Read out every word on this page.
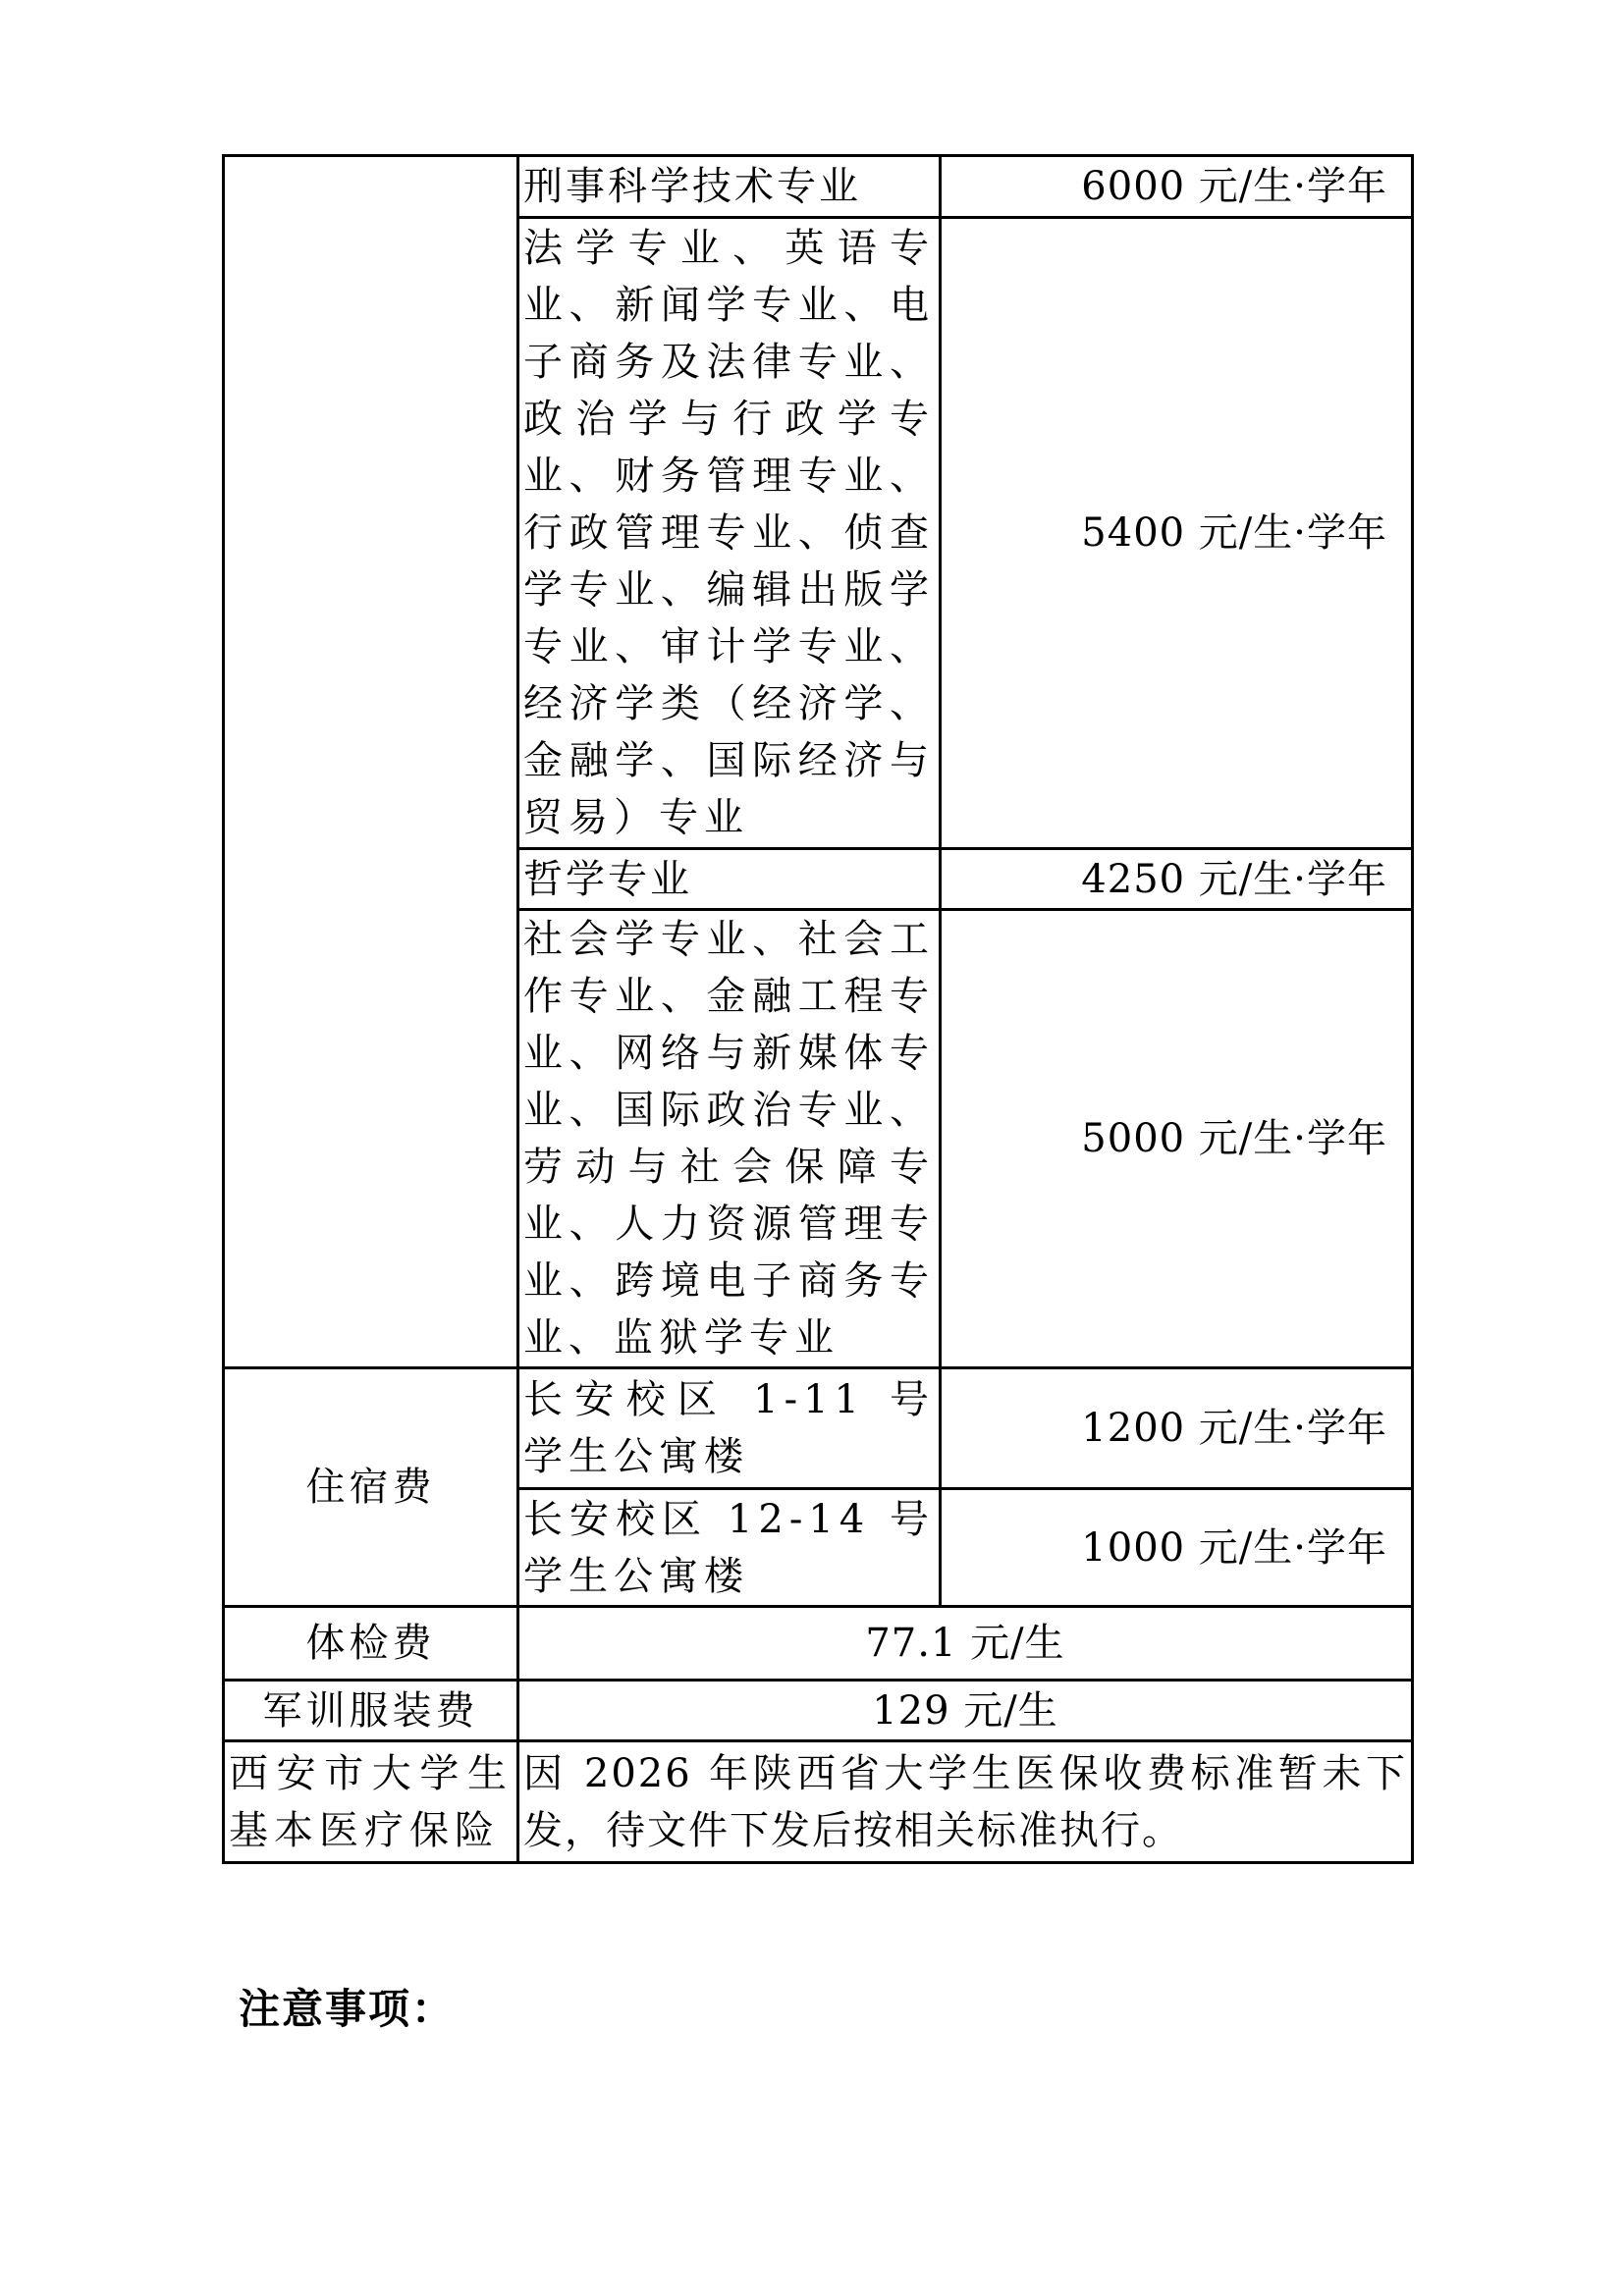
	刑事科学技术专业	6000 元/生·学年
	法学专业、英语专业、新闻学专业、电子商务及法律专业、政治学与行政学专业、财务管理专业、行政管理专业、侦查学专业、编辑出版学专业、审计学专业、经济学类（经济学、金融学、国际经济与贸易）专业	5400 元/生·学年
	哲学专业	4250 元/生·学年
	社会学专业、社会工作专业、金融工程专业、网络与新媒体专业、国际政治专业、劳动与社会保障专业、人力资源管理专业、跨境电子商务专业、监狱学专业	5000 元/生·学年
住宿费	长安校区 1-11 号学生公寓楼	1200 元/生·学年
	长安校区 12-14 号学生公寓楼	1000 元/生·学年
体检费	77.1 元/生	
军训服装费	129 元/生	
西安市大学生基本医疗保险	因 2026 年陕西省大学生医保收费标准暂未下发，待文件下发后按相关标准执行。	

注意事项：
